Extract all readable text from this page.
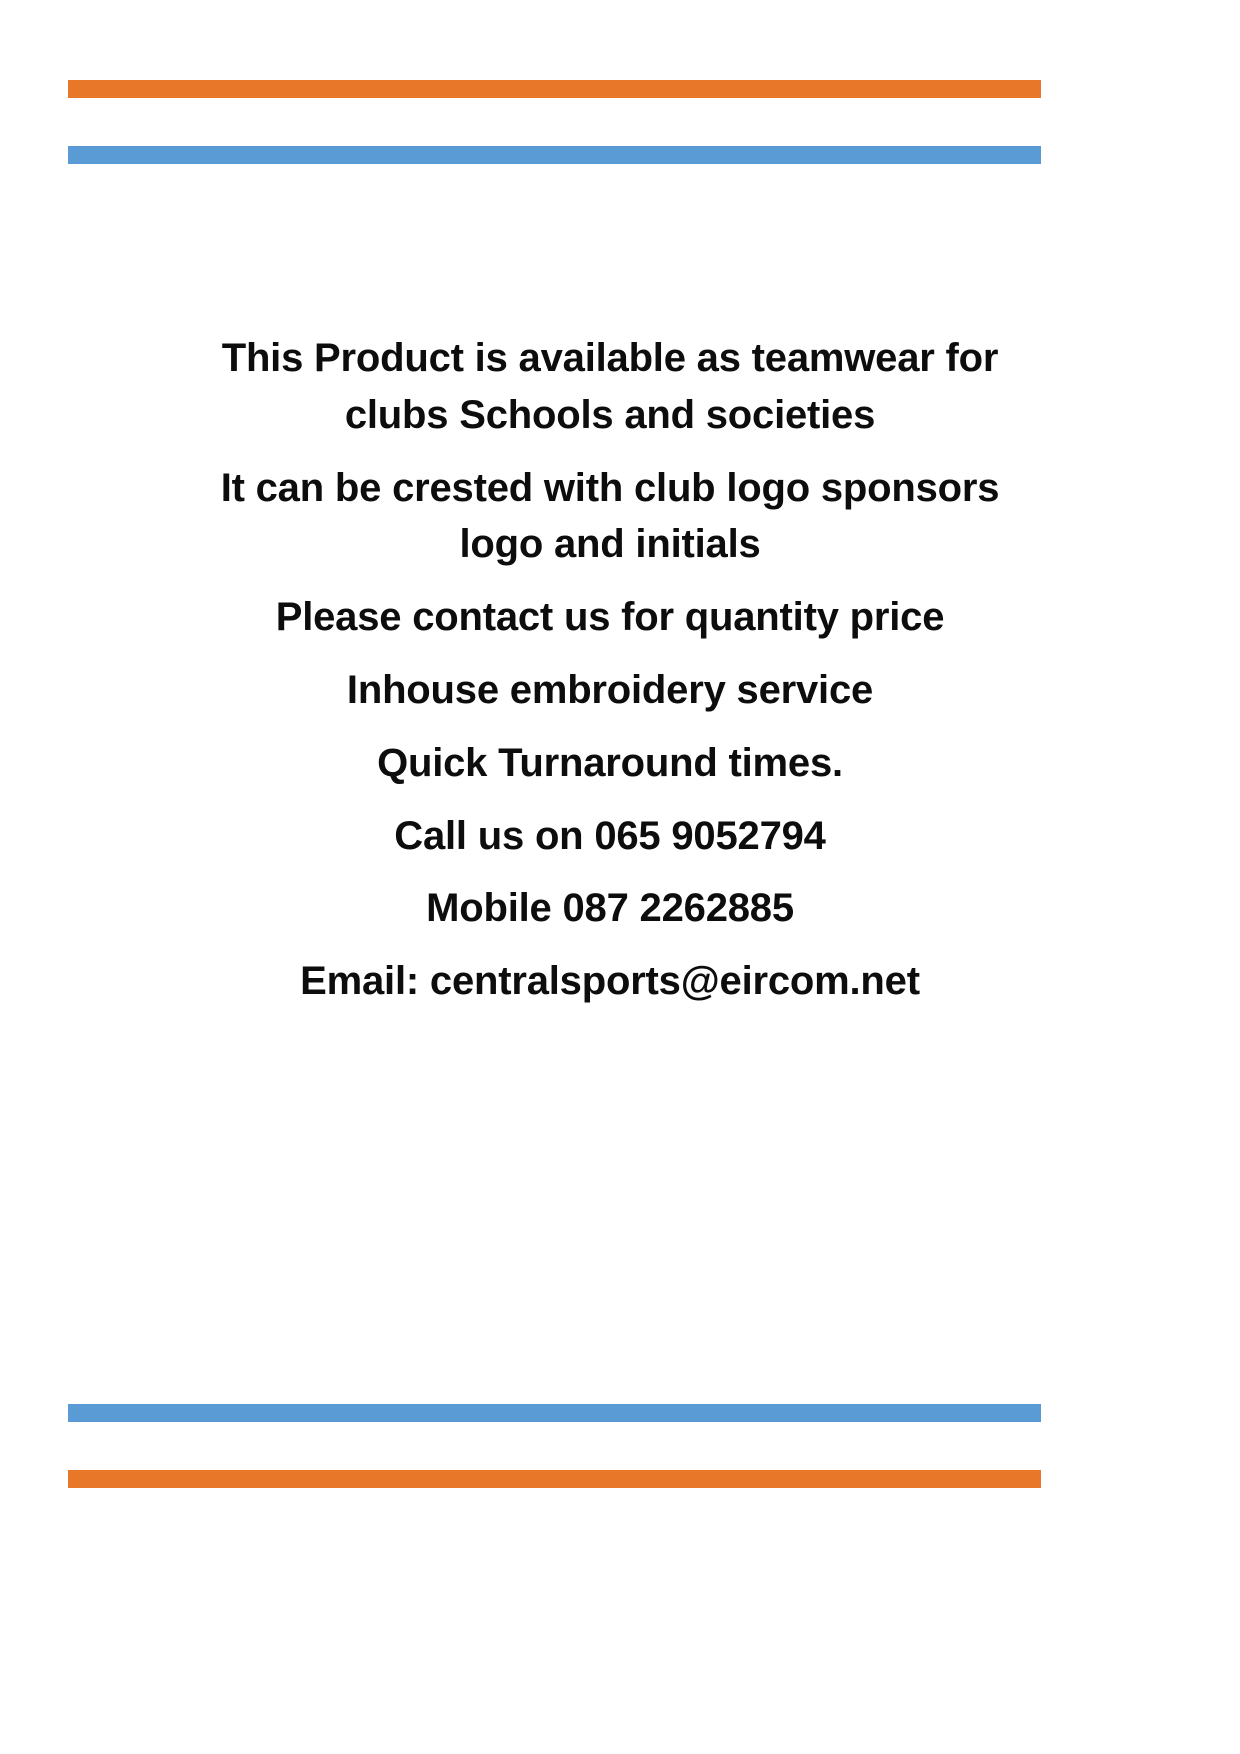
This Product is available as teamwear for

clubs Schools and societies

It can be crested with club logo sponsors

logo and initials

Please contact us for quantity price

Inhouse embroidery service

Quick Turnaround times.

Call us on 065 9052794

Mobile 087 2262885

Email: centralsports@eircom.net
